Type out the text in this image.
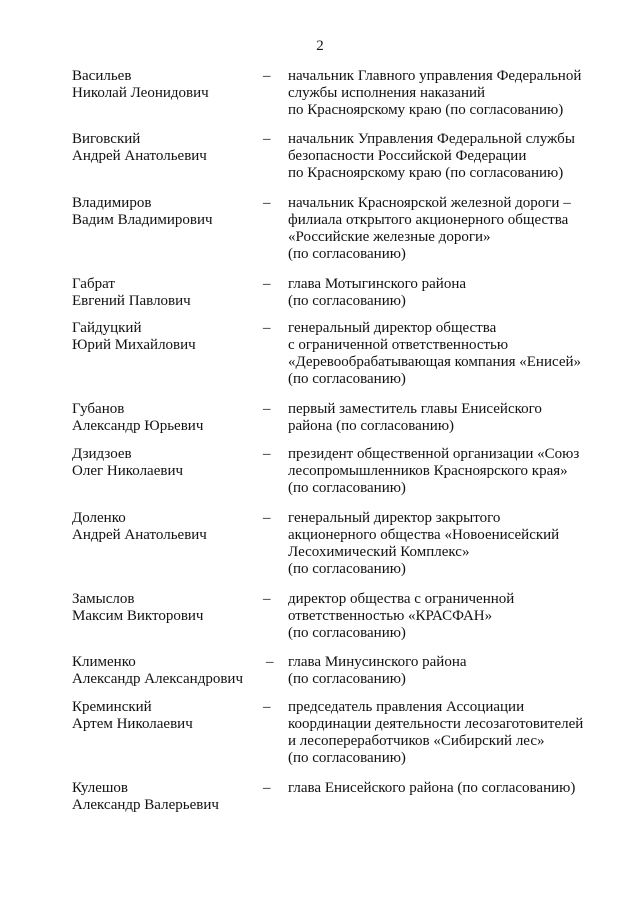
2
Васильев
Николай Леонидович
– начальник Главного управления Федеральной
службы исполнения наказаний
по Красноярскому краю (по согласованию)
Виговский
Андрей Анатольевич
– начальник Управления Федеральной службы
безопасности Российской Федерации
по Красноярскому краю (по согласованию)
Владимиров
Вадим Владимирович
– начальник Красноярской железной дороги –
филиала открытого акционерного общества
«Российские железные дороги»
(по согласованию)
Габрат
Евгений Павлович
– глава Мотыгинского района
(по согласованию)
Гайдуцкий
Юрий Михайлович
– генеральный директор общества
с ограниченной ответственностью
«Деревообрабатывающая компания «Енисей»
(по согласованию)
Губанов
Александр Юрьевич
– первый заместитель главы Енисейского
района (по согласованию)
Дзидзоев
Олег Николаевич
– президент общественной организации «Союз
лесопромышленников Красноярского края»
(по согласованию)
Доленко
Андрей Анатольевич
– генеральный директор закрытого
акционерного общества «Новоенисейский
Лесохимический Комплекс»
(по согласованию)
Замыслов
Максим Викторович
– директор общества с ограниченной
ответственностью «КРАСФАН»
(по согласованию)
Клименко
Александр Александрович
– глава Минусинского района
(по согласованию)
Креминский
Артем Николаевич
– председатель правления Ассоциации
координации деятельности лесозаготовителей
и лесопереработчиков «Сибирский лес»
(по согласованию)
Кулешов
Александр Валерьевич
– глава Енисейского района (по согласованию)
